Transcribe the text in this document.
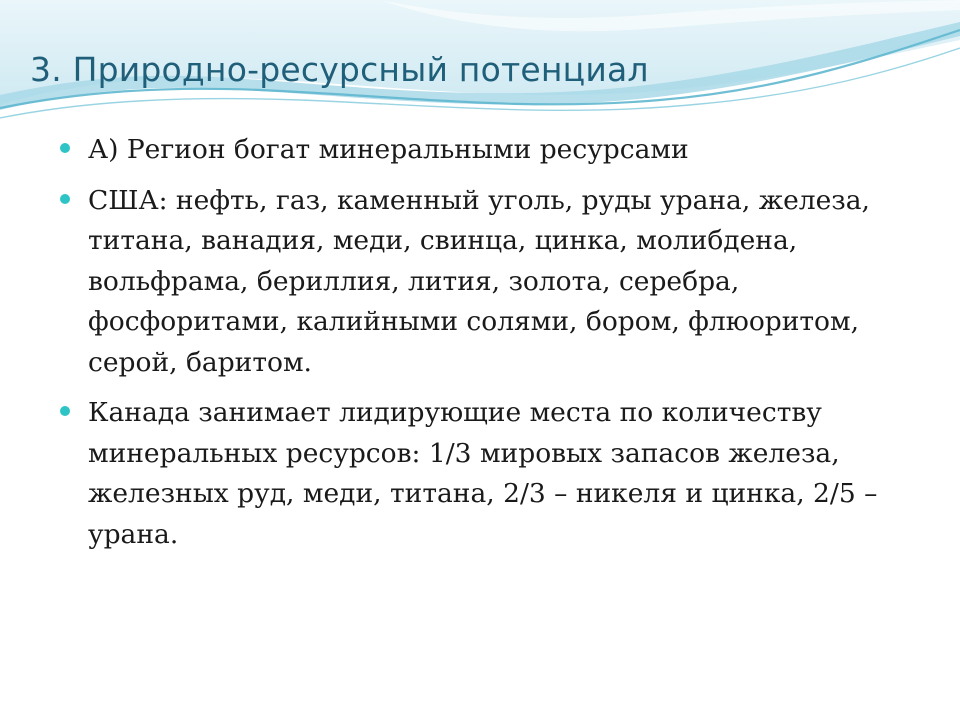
3. Природно-ресурсный потенциал
А) Регион богат минеральными ресурсами
США: нефть, газ, каменный уголь, руды урана, железа, титана, ванадия, меди, свинца, цинка, молибдена, вольфрама, бериллия, лития, золота, серебра, фосфоритами, калийными солями, бором, флюоритом, серой, баритом.
Канада занимает лидирующие места по количеству минеральных ресурсов: 1/3 мировых запасов железа, железных руд, меди, титана, 2/3 – никеля и цинка, 2/5 – урана.
